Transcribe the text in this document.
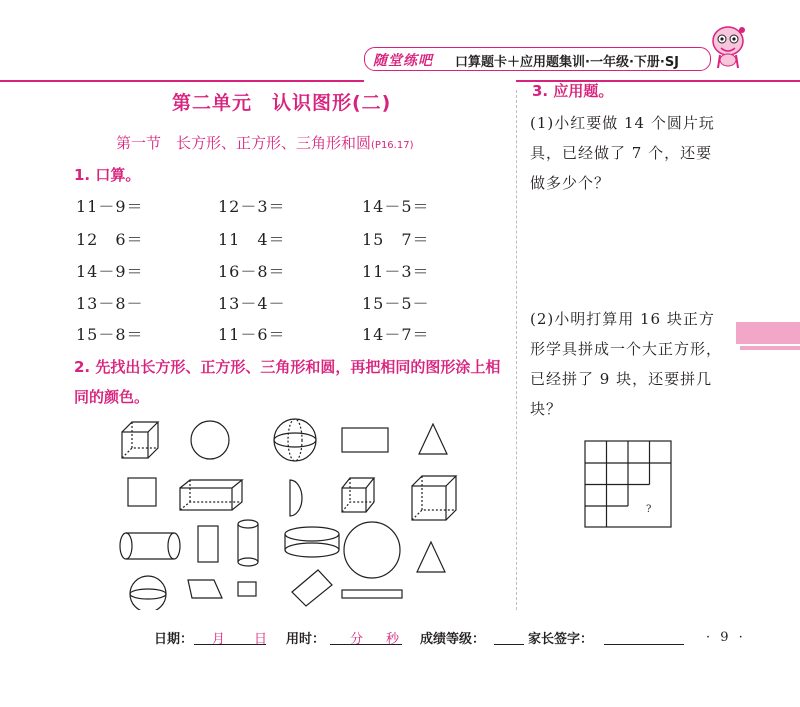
随堂练吧 口算题卡＋应用题集训·一年级·下册·SJ
第二单元　认识图形(二)
第一节　长方形、正方形、三角形和圆(P16.17)
1. 口算。
11－9＝	12－3＝	14－5＝
12　6＝	11　4＝	15　7＝
14－9＝	16－8＝	11－3＝
13－8－	13－4－	15－5－
15－8＝	11－6＝	14－7＝
2. 先找出长方形、正方形、三角形和圆，再把相同的图形涂上相同的颜色。
3. 应用题。
(1)小红要做 14 个圆片玩具，已经做了 7 个，还要做多少个？
(2)小明打算用 16 块正方形学具拼成一个大正方形，已经拼了 9 块，还要拼几块？
?
日期： 月 日 用时： 分 秒 成绩等级：	家长签字：	· 9 ·
